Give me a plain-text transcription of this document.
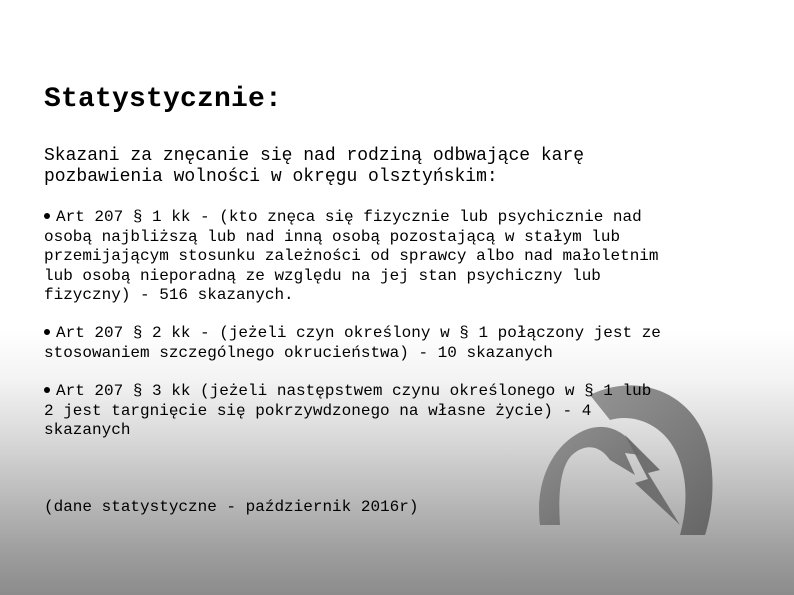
Statystycznie:
Skazani za znęcanie się nad rodziną odbwające karę
pozbawienia wolności w okręgu olsztyńskim:
Art 207 § 1 kk - (kto znęca się fizycznie lub psychicznie nad
osobą najbliższą lub nad inną osobą pozostającą w stałym lub
przemijającym stosunku zależności od sprawcy albo nad małoletnim
lub osobą nieporadną ze względu na jej stan psychiczny lub
fizyczny) - 516 skazanych.
Art 207 § 2 kk - (jeżeli czyn określony w § 1 połączony jest ze
stosowaniem szczególnego okrucieństwa) - 10 skazanych
Art 207 § 3 kk (jeżeli następstwem czynu określonego w § 1 lub
2 jest targnięcie się pokrzywdzonego na własne życie) - 4
skazanych
(dane statystyczne - październik 2016r)
